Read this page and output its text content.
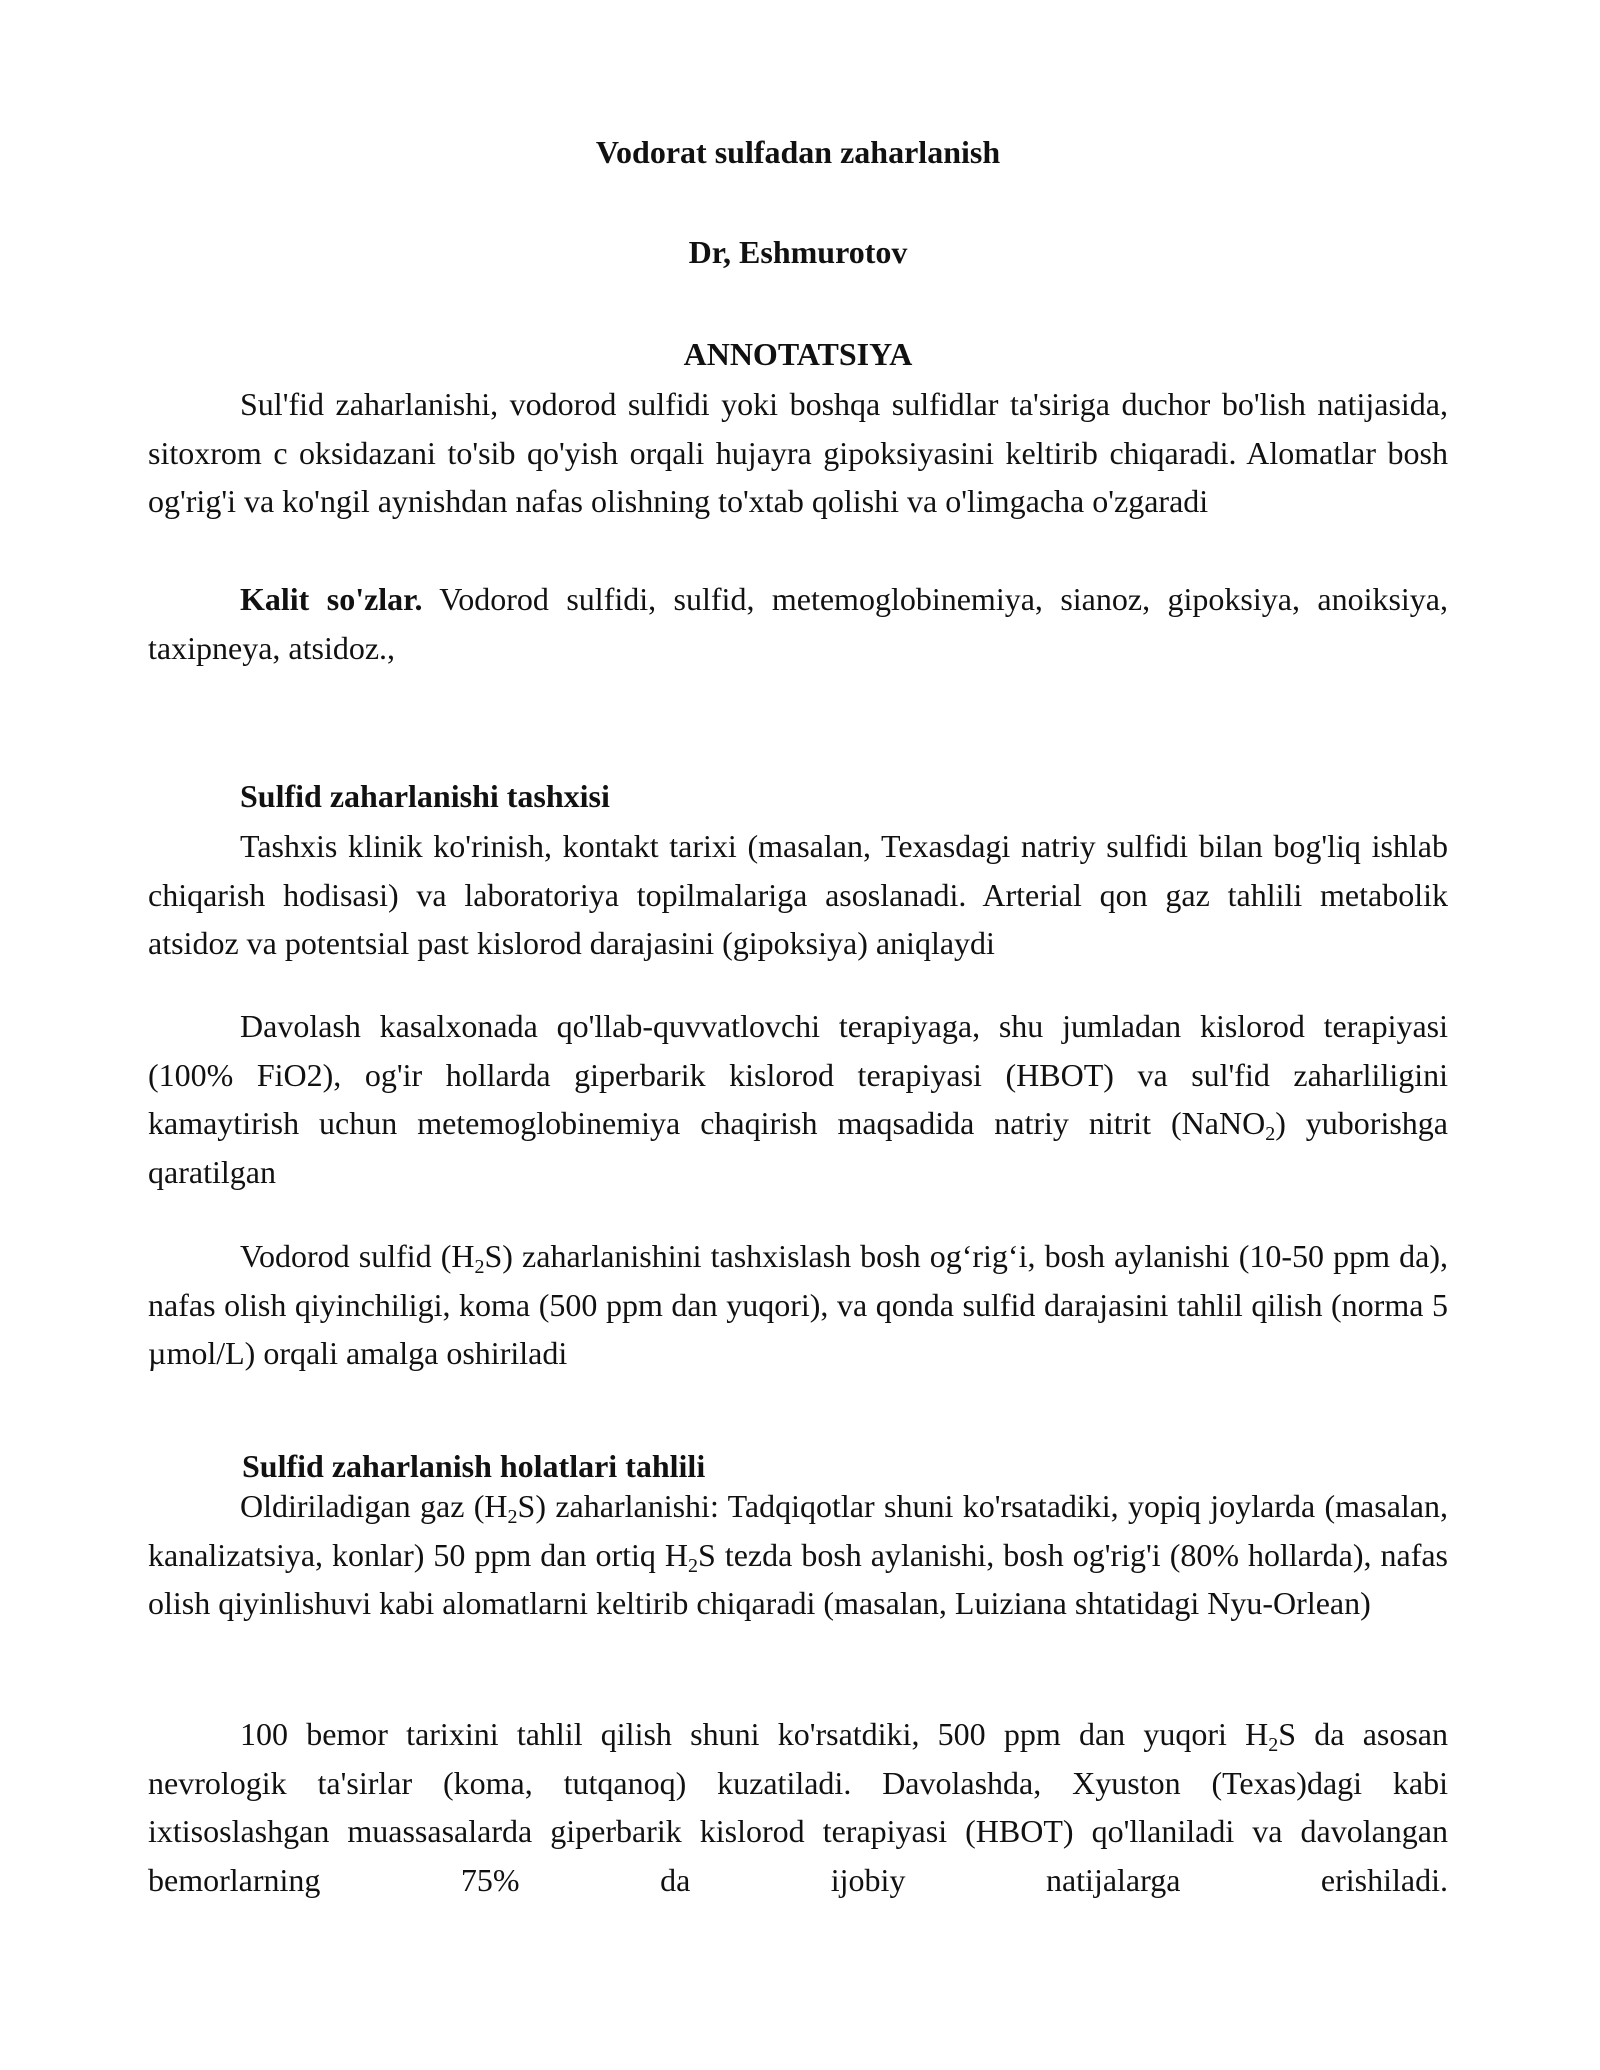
Vodorat sulfadan zaharlanish
Dr, Eshmurotov
ANNOTATSIYA
Sul'fid zaharlanishi, vodorod sulfidi yoki boshqa sulfidlar ta'siriga duchor bo'lish natijasida, sitoxrom c oksidazani to'sib qo'yish orqali hujayra gipoksiyasini keltirib chiqaradi. Alomatlar bosh og'rig'i va ko'ngil aynishdan nafas olishning to'xtab qolishi va o'limgacha o'zgaradi
Kalit so'zlar. Vodorod sulfidi, sulfid, metemoglobinemiya, sianoz, gipoksiya, anoiksiya, taxipneya, atsidoz.,
Sulfid zaharlanishi tashxisi
Tashxis klinik ko'rinish, kontakt tarixi (masalan, Texasdagi natriy sulfidi bilan bog'liq ishlab chiqarish hodisasi) va laboratoriya topilmalariga asoslanadi. Arterial qon gaz tahlili metabolik atsidoz va potentsial past kislorod darajasini (gipoksiya) aniqlaydi
Davolash kasalxonada qo'llab-quvvatlovchi terapiyaga, shu jumladan kislorod terapiyasi (100% FiO2), og'ir hollarda giperbarik kislorod terapiyasi (HBOT) va sul'fid zaharliligini kamaytirish uchun metemoglobinemiya chaqirish maqsadida natriy nitrit (NaNO$_2$) yuborishga qaratilgan
Vodorod sulfid $(H_2S)$ zaharlanishini tashxislash bosh og‘rig‘i, bosh aylanishi (10-50 ppm da), nafas olish qiyinchiligi, koma (500 ppm dan yuqori), va qonda sulfid darajasini tahlil qilish (norma 5 µmol/L) orqali amalga oshiriladi
Sulfid zaharlanish holatlari tahlili
Oldiriladigan gaz $(H_2S)$ zaharlanishi: Tadqiqotlar shuni ko'rsatadiki, yopiq joylarda (masalan, kanalizatsiya, konlar) 50 ppm dan ortiq $H_2S$ tezda bosh aylanishi, bosh og'rig'i (80% hollarda), nafas olish qiyinlishuvi kabi alomatlarni keltirib chiqaradi (masalan, Luiziana shtatidagi Nyu-Orlean)
100 bemor tarixini tahlil qilish shuni ko'rsatdiki, 500 ppm dan yuqori $H_2S$ da asosan nevrologik ta'sirlar (koma, tutqanoq) kuzatiladi. Davolashda, Xyuston (Texas)dagi kabi ixtisoslashgan muassasalarda giperbarik kislorod terapiyasi (HBOT) qo'llaniladi va davolangan bemorlarning 75% da ijobiy natijalarga erishiladi.
